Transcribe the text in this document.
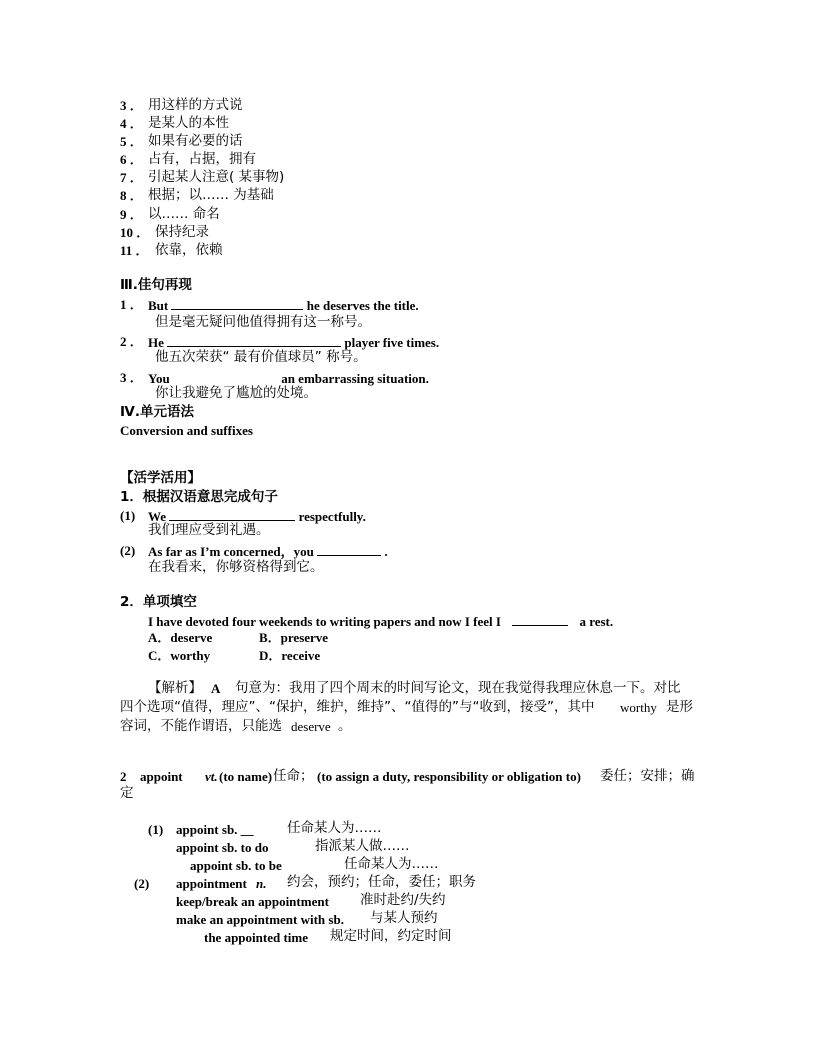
3 ． 用这样的方式说
4 ． 是某人的本性
5 ． 如果有必要的话
6 ． 占有，占据，拥有
7 ． 引起某人注意( 某事物)
8 ． 根据；以…… 为基础
9 ． 以…… 命名
10 ． 保持纪录
11 ． 依靠，依赖
Ⅲ.佳句再现
1 ． But	he deserves the title.
但是毫无疑问他值得拥有这一称号。
2 ． He	player five times.
他五次荣获“ 最有价值球员” 称号。
3 ． You	an embarrassing situation.
你让我避免了尴尬的处境。
Ⅳ.单元语法
Conversion and suffixes
【活学活用】
1．根据汉语意思完成句子
(1) We	respectfully.
我们理应受到礼遇。
(2) As far as I’m concerned，you	.
在我看来，你够资格得到它。
2．单项填空
I have devoted four weekends to writing papers and now I feel I	a rest.
A．deserve	B．preserve
C．worthy	D．receive
【解析】 A 句意为：我用了四个周末的时间写论文，现在我觉得我理应休息一下。对比
四个选项“值得，理应”、“保护，维护，维持”、“值得的”与“收到，接受”，其中 worthy 是形
容词，不能作谓语，只能选 deserve 。
2 appoint vt. (to name) 任命； (to assign a duty, responsibility or obligation to) 委任；安排；确
定
(1) appoint sb. __ 任命某人为……
appoint sb. to do	指派某人做……
appoint sb. to be	任命某人为……
(2) appointment n. 约会，预约；任命，委任；职务
keep/break an appointment 准时赴约/失约
make an appointment with sb. 与某人预约
the appointed time 规定时间，约定时间
